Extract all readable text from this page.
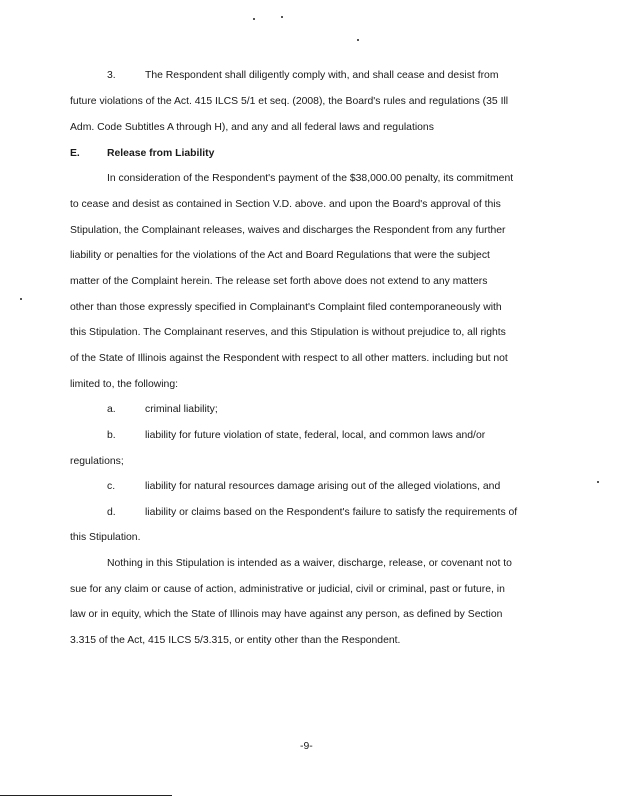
3.	The Respondent shall diligently comply with, and shall cease and desist from
future violations of the Act. 415 ILCS 5/1 et seq. (2008), the Board's rules and regulations (35 Ill
Adm. Code Subtitles A through H), and any and all federal laws and regulations
E.	Release from Liability
In consideration of the Respondent's payment of the $38,000.00 penalty, its commitment
to cease and desist as contained in Section V.D. above. and upon the Board's approval of this
Stipulation, the Complainant releases, waives and discharges the Respondent from any further
liability or penalties for the violations of the Act and Board Regulations that were the subject
matter of the Complaint herein. The release set forth above does not extend to any matters
other than those expressly specified in Complainant's Complaint filed contemporaneously with
this Stipulation. The Complainant reserves, and this Stipulation is without prejudice to, all rights
of the State of Illinois against the Respondent with respect to all other matters. including but not
limited to, the following:
a.	criminal liability;
b.	liability for future violation of state, federal, local, and common laws and/or
regulations;
c.	liability for natural resources damage arising out of the alleged violations, and
d.	liability or claims based on the Respondent's failure to satisfy the requirements of
this Stipulation.
Nothing in this Stipulation is intended as a waiver, discharge, release, or covenant not to
sue for any claim or cause of action, administrative or judicial, civil or criminal, past or future, in
law or in equity, which the State of Illinois may have against any person, as defined by Section
3.315 of the Act, 415 ILCS 5/3.315, or entity other than the Respondent.
-9-
